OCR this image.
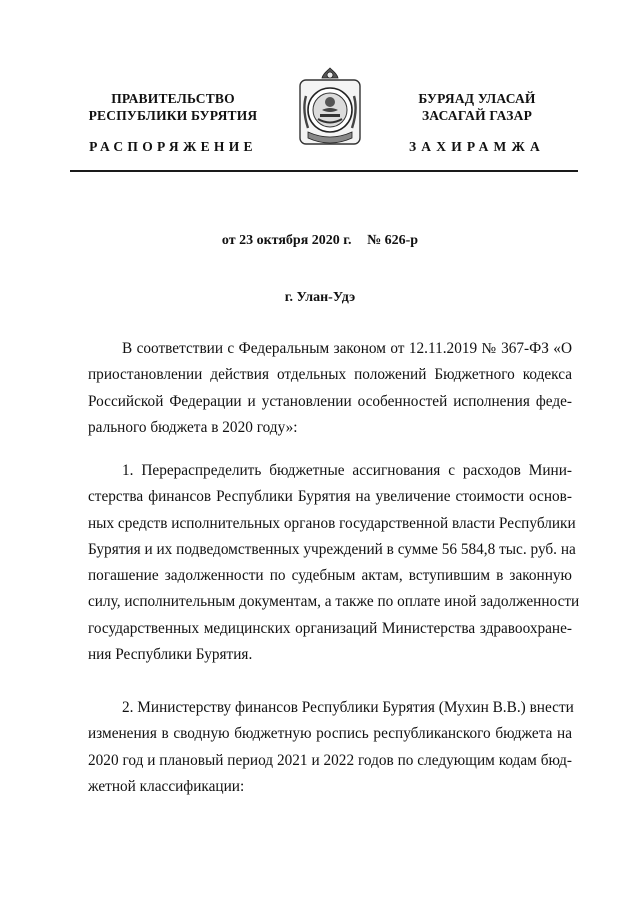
ПРАВИТЕЛЬСТВО
РЕСПУБЛИКИ БУРЯТИЯ
БУРЯАД УЛАСАЙ
ЗАСАГАЙ ГАЗАР
РАСПОРЯЖЕНИЕ	ЗАХИРАМЖА
от 23 октября 2020 г. № 626-р
г. Улан-Удэ
В соответствии с Федеральным законом от 12.11.2019 № 367-ФЗ «О
приостановлении действия отдельных положений Бюджетного кодекса
Российской Федерации и установлении особенностей исполнения феде-
рального бюджета в 2020 году»:
1. Перераспределить бюджетные ассигнования с расходов Мини-
стерства финансов Республики Бурятия на увеличение стоимости основ-
ных средств исполнительных органов государственной власти Республики
Бурятия и их подведомственных учреждений в сумме 56 584,8 тыс. руб. на
погашение задолженности по судебным актам, вступившим в законную
силу, исполнительным документам, а также по оплате иной задолженности
государственных медицинских организаций Министерства здравоохране-
ния Республики Бурятия.
2. Министерству финансов Республики Бурятия (Мухин В.В.) внести
изменения в сводную бюджетную роспись республиканского бюджета на
2020 год и плановый период 2021 и 2022 годов по следующим кодам бюд-
жетной классификации:
